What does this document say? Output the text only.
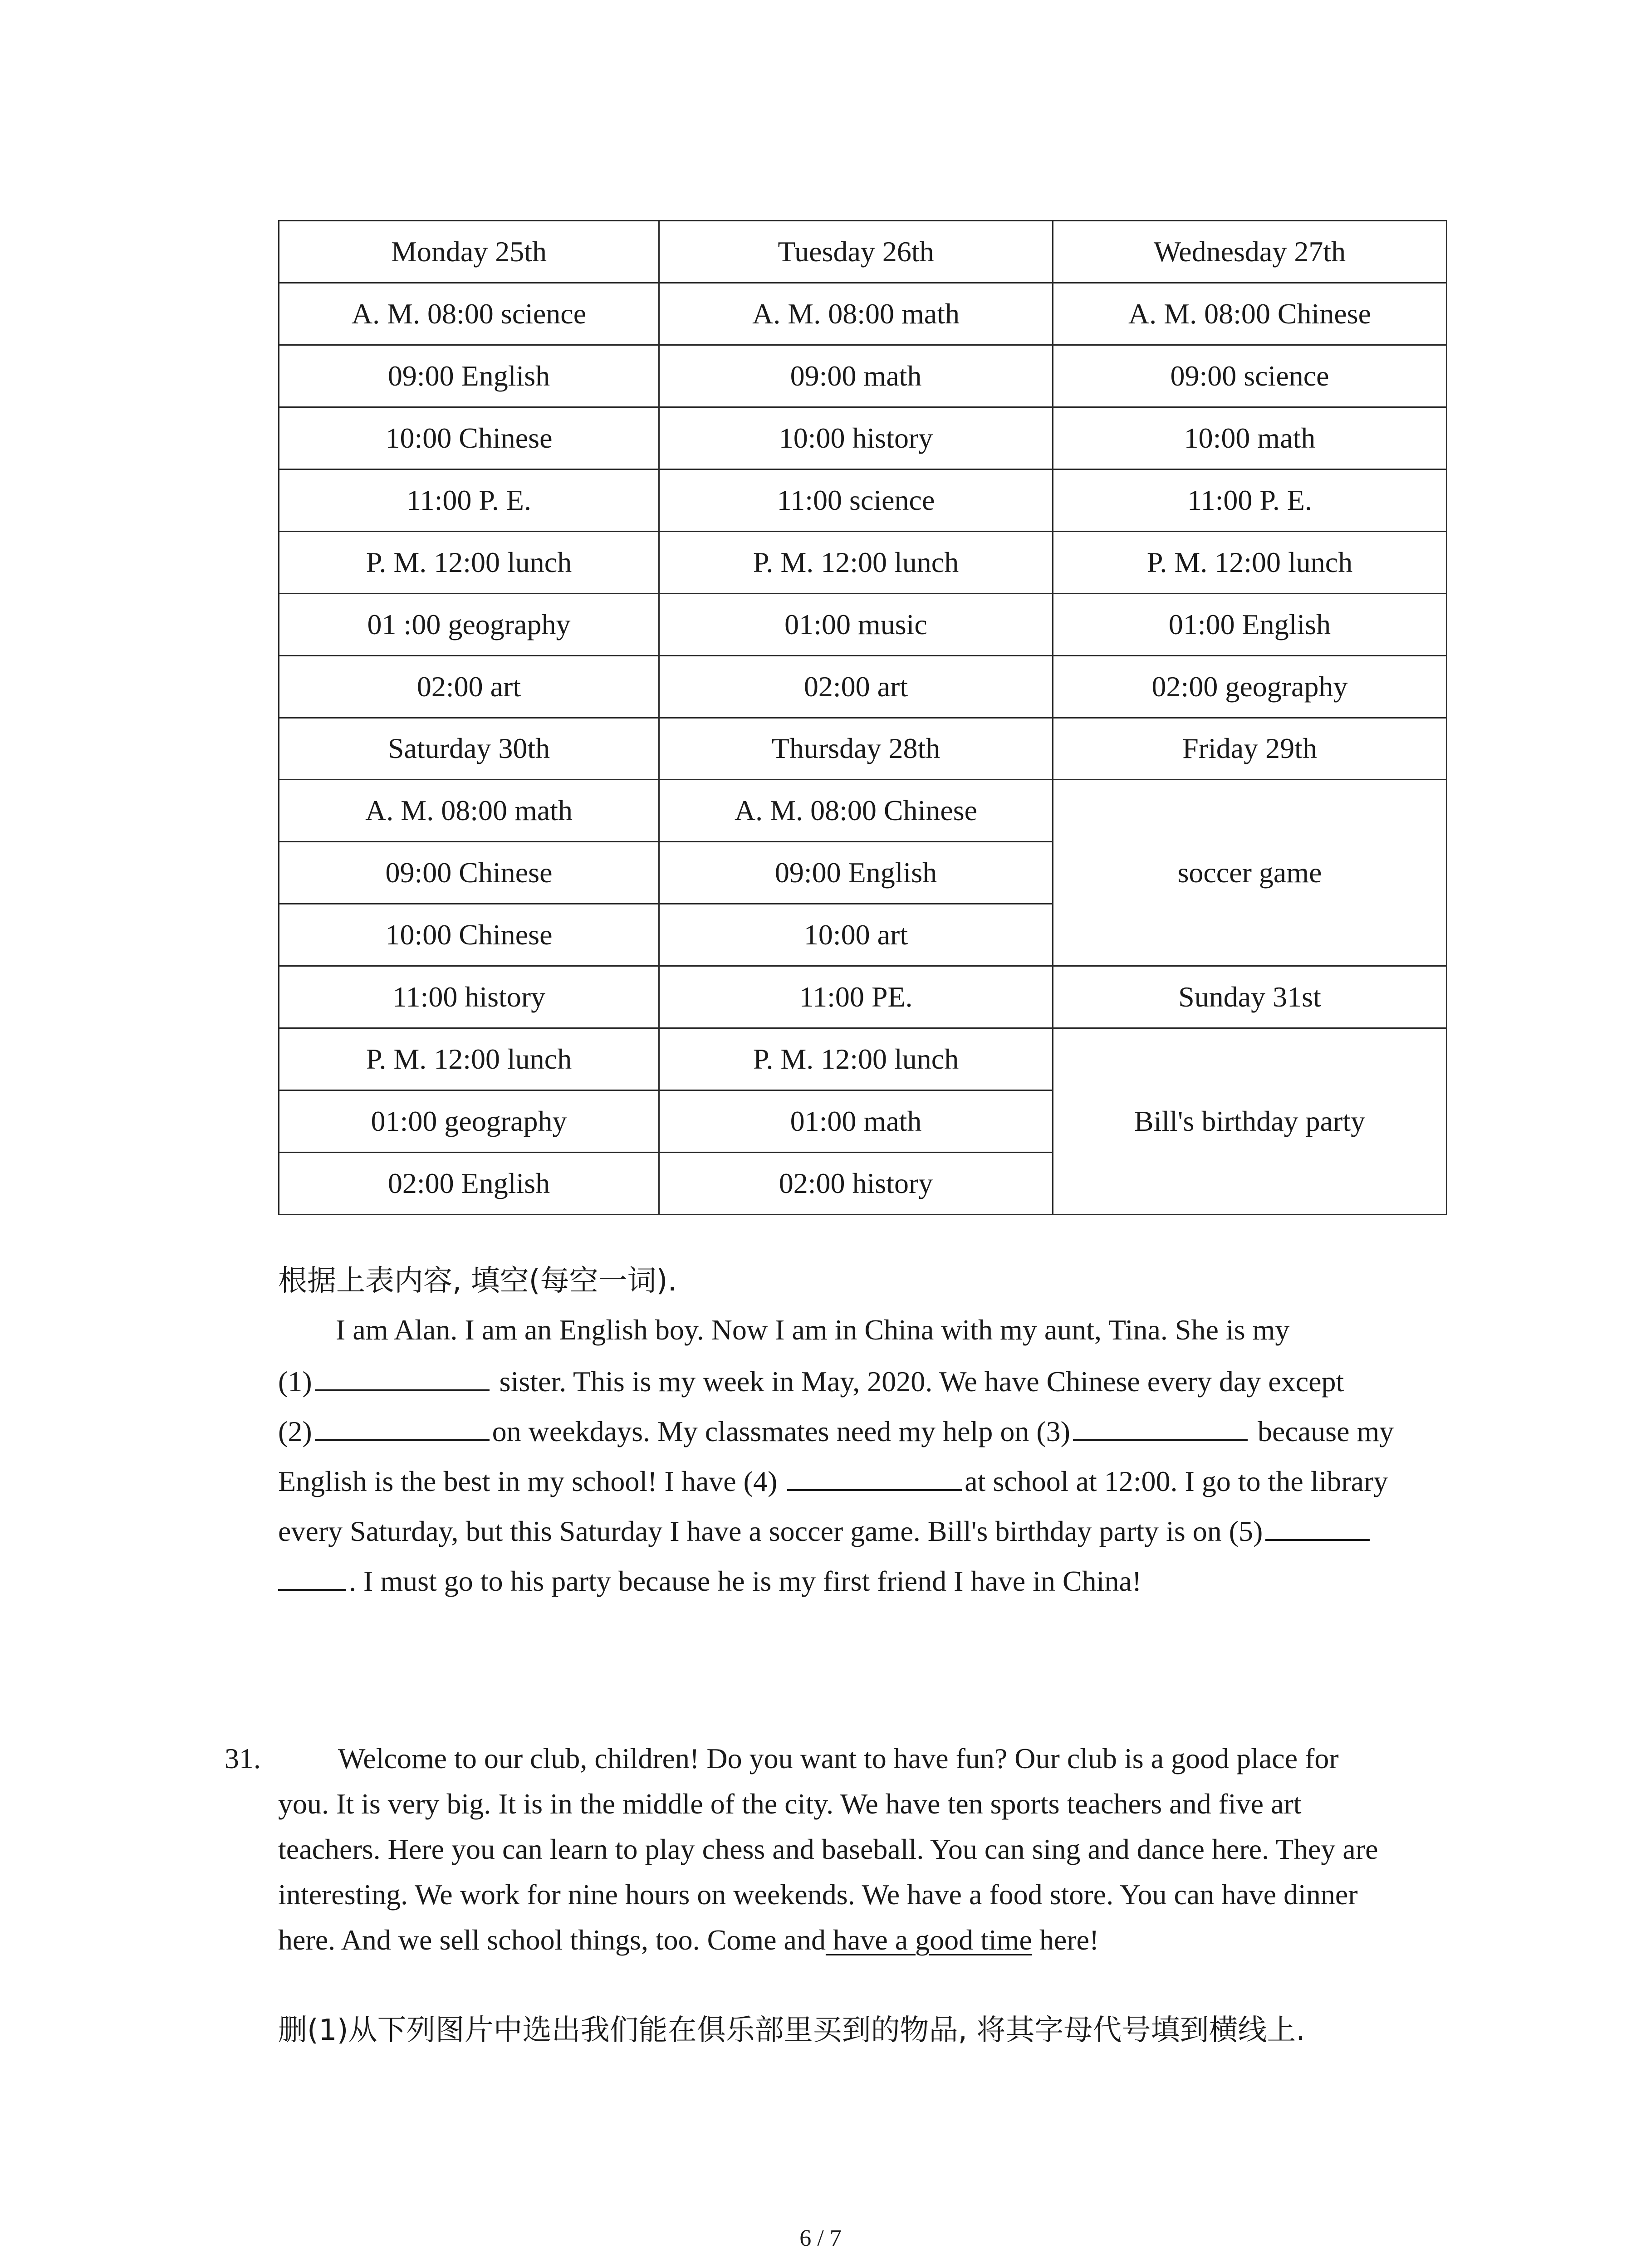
Monday 25th	Tuesday 26th	Wednesday 27th
A. M. 08:00 science	A. M. 08:00 math	A. M. 08:00 Chinese
09:00 English	09:00 math	09:00 science
10:00 Chinese	10:00 history	10:00 math
11:00 P. E.	11:00 science	11:00 P. E.
P. M. 12:00 lunch	P. M. 12:00 lunch	P. M. 12:00 lunch
01 :00 geography	01:00 music	01:00 English
02:00 art	02:00 art	02:00 geography
Saturday 30th	Thursday 28th	Friday 29th
A. M. 08:00 math	A. M. 08:00 Chinese	soccer game
09:00 Chinese	09:00 English	
10:00 Chinese	10:00 art	
11:00 history	11:00 PE.	Sunday 31st
P. M. 12:00 lunch	P. M. 12:00 lunch	Bill's birthday party
01:00 geography	01:00 math	
02:00 English	02:00 history	
根据上表内容, 填空(每空一词).
I am Alan. I am an English boy. Now I am in China with my aunt, Tina. She is my
(1)	sister. This is my week in May, 2020. We have Chinese every day except
(2)	on weekdays. My classmates need my help on (3)	because my
English is the best in my school! I have (4)	at school at 12:00. I go to the library
every Saturday, but this Saturday I have a soccer game. Bill's birthday party is on (5)
. I must go to his party because he is my first friend I have in China!
31.	Welcome to our club, children! Do you want to have fun? Our club is a good place for
you. It is very big. It is in the middle of the city. We have ten sports teachers and five art
teachers. Here you can learn to play chess and baseball. You can sing and dance here. They are
interesting. We work for nine hours on weekends. We have a food store. You can have dinner
here. And we sell school things, too. Come and have a good time here!
删(1)从下列图片中选出我们能在俱乐部里买到的物品, 将其字母代号填到横线上.
6 / 7
